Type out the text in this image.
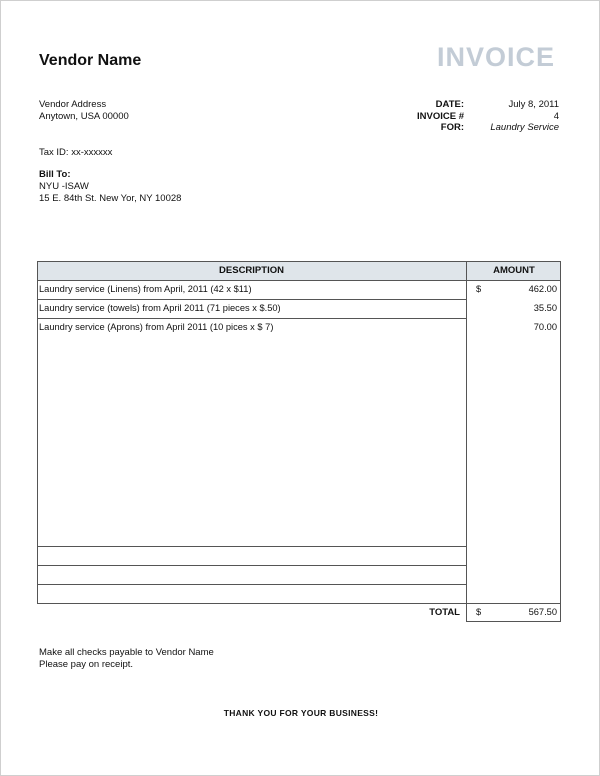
Vendor Name	INVOICE
Vendor Address
Anytown, USA 00000
DATE:	July 8, 2011
INVOICE #	4
FOR:	Laundry Service
Tax ID: xx-xxxxxx
Bill To:
NYU -ISAW
15 E. 84th St. New Yor, NY 10028
DESCRIPTION	AMOUNT
Laundry service (Linens) from April, 2011 (42 x $11)	$	462.00
Laundry service (towels) from April 2011 (71 pieces x $.50)	35.50
Laundry service (Aprons) from April 2011 (10 pices x $ 7)	70.00
TOTAL $	567.50
Make all checks payable to Vendor Name
Please pay on receipt.
THANK YOU FOR YOUR BUSINESS!
